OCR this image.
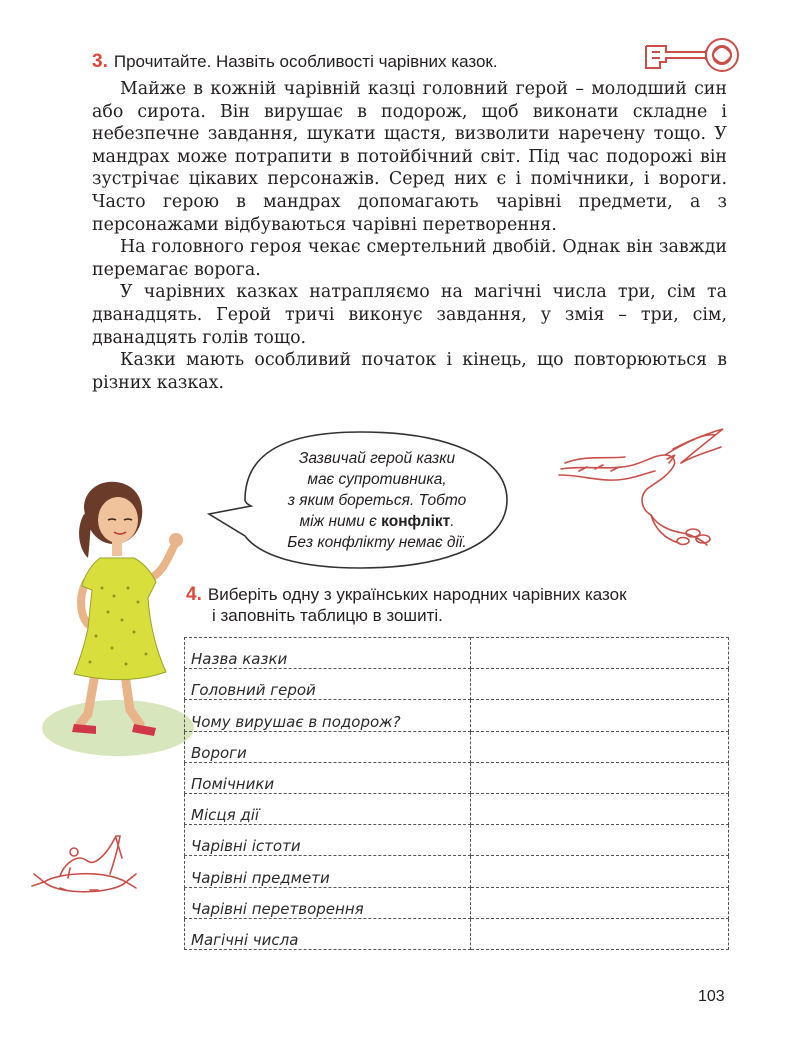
3. Прочитайте. Назвіть особливості чарівних казок.

Майже в кожній чарівній казці головний герой – молодший син або сирота. Він вирушає в подорож, щоб виконати складне і небезпечне завдання, шукати щастя, визволити наречену тощо. У мандрах може потрапити в потойбічний світ. Під час подорожі він зустрічає цікавих персонажів. Серед них є і помічники, і вороги. Часто герою в мандрах допомагають чарівні предмети, а з персонажами відбуваються чарівні перетворення.

На головного героя чекає смертельний двобій. Однак він завжди перемагає ворога.

У чарівних казках натрапляємо на магічні числа три, сім та дванадцять. Герой тричі виконує завдання, у змія – три, сім, дванадцять голів тощо.

Казки мають особливий початок і кінець, що повторюються в різних казках.

Зазвичай герой казки
має супротивника,
з яким бореться. Тобто
між ними є конфлікт.
Без конфлікту немає дії.
4. Виберіть одну з українських народних чарівних казок
і заповніть таблицю в зошиті.
Назва казки	
Головний герой	
Чому вирушає в подорож?	
Вороги	
Помічники	
Місця дії	
Чарівні істоти	
Чарівні предмети	
Чарівні перетворення	
Магічні числа	
103
